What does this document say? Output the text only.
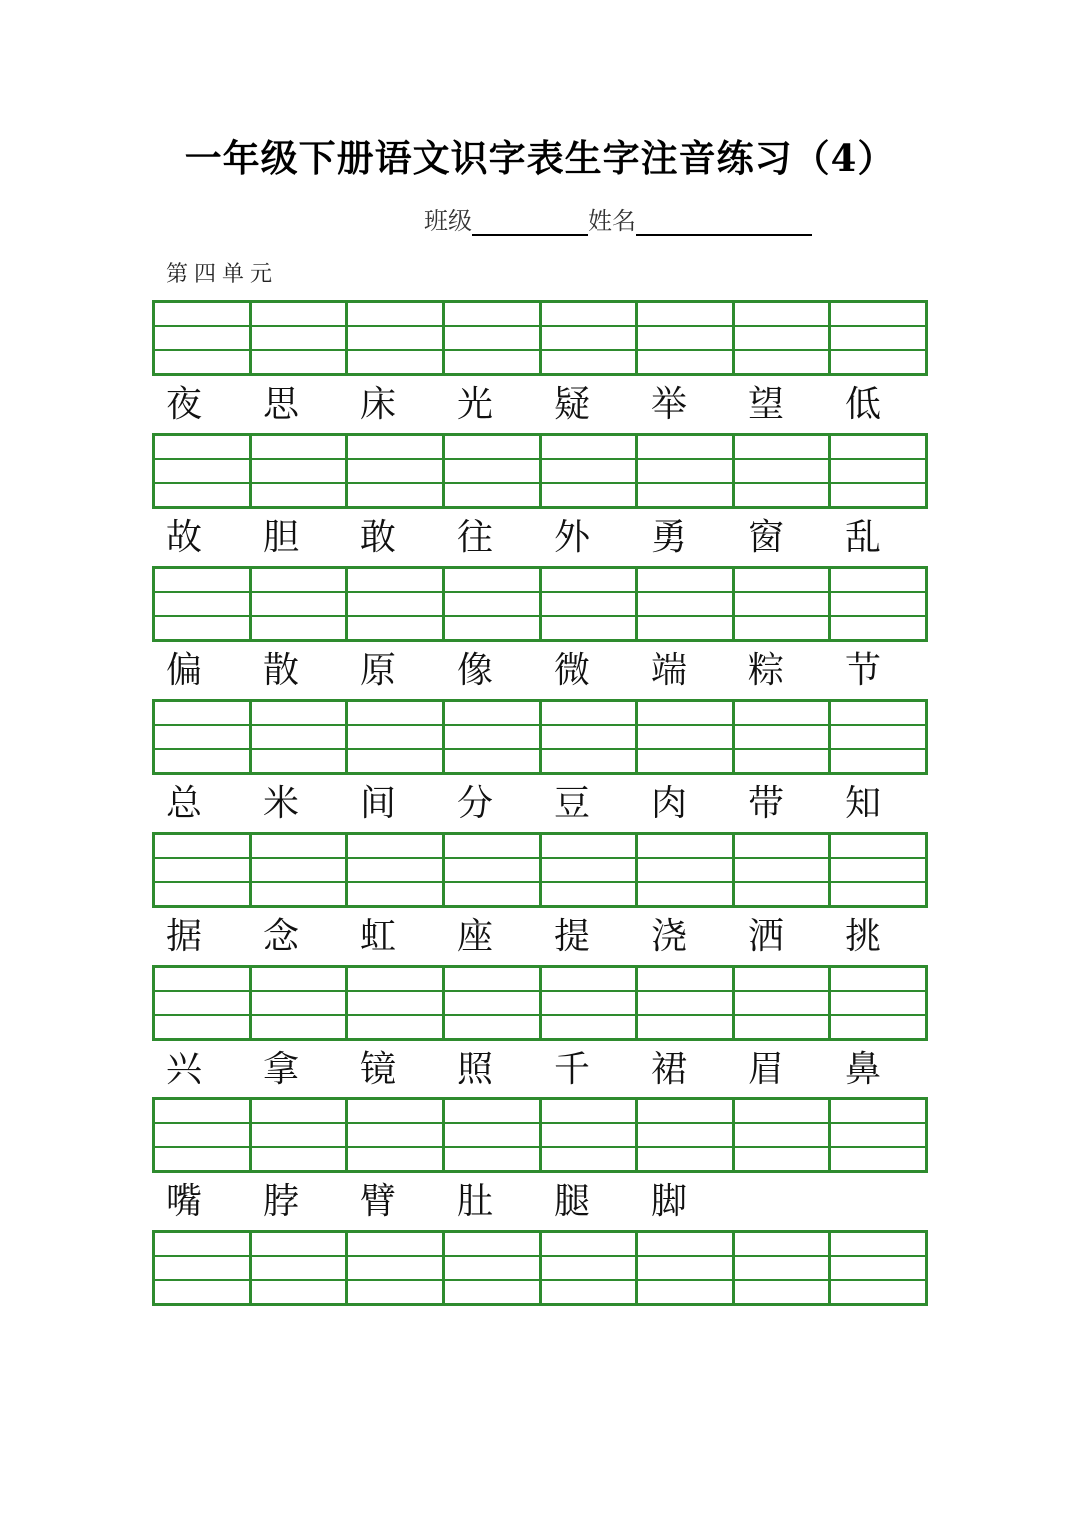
一年级下册语文识字表生字注音练习（4）
班级	姓名
第四单元
夜	思	床	光	疑	举	望	低
故	胆	敢	往	外	勇	窗	乱
偏	散	原	像	微	端	粽	节
总	米	间	分	豆	肉	带	知
据	念	虹	座	提	浇	洒	挑
兴	拿	镜	照	千	裙	眉	鼻
嘴	脖	臂	肚	腿	脚
